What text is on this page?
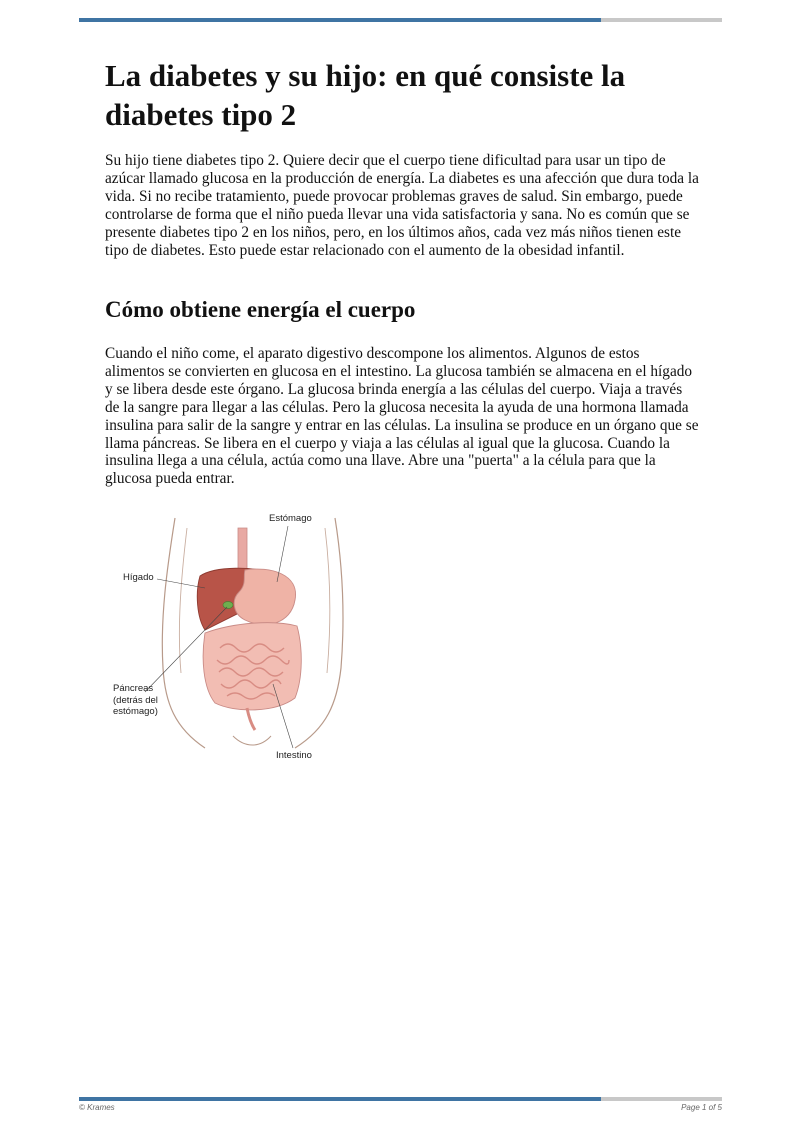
La diabetes y su hijo: en qué consiste la diabetes tipo 2

Su hijo tiene diabetes tipo 2. Quiere decir que el cuerpo tiene dificultad para usar un tipo de azúcar llamado glucosa en la producción de energía. La diabetes es una afección que dura toda la vida. Si no recibe tratamiento, puede provocar problemas graves de salud. Sin embargo, puede controlarse de forma que el niño pueda llevar una vida satisfactoria y sana. No es común que se presente diabetes tipo 2 en los niños, pero, en los últimos años, cada vez más niños tienen este tipo de diabetes. Esto puede estar relacionado con el aumento de la obesidad infantil.

Cómo obtiene energía el cuerpo

Cuando el niño come, el aparato digestivo descompone los alimentos. Algunos de estos alimentos se convierten en glucosa en el intestino. La glucosa también se almacena en el hígado y se libera desde este órgano. La glucosa brinda energía a las células del cuerpo. Viaja a través de la sangre para llegar a las células. Pero la glucosa necesita la ayuda de una hormona llamada insulina para salir de la sangre y entrar en las células. La insulina se produce en un órgano que se llama páncreas. Se libera en el cuerpo y viaja a las células al igual que la glucosa. Cuando la insulina llega a una célula, actúa como una llave. Abre una "puerta" a la célula para que la glucosa pueda entrar.

Estómago
Hígado
Páncreas
(detrás del
estómago)
Intestino
© Krames	Page 1 of 5
